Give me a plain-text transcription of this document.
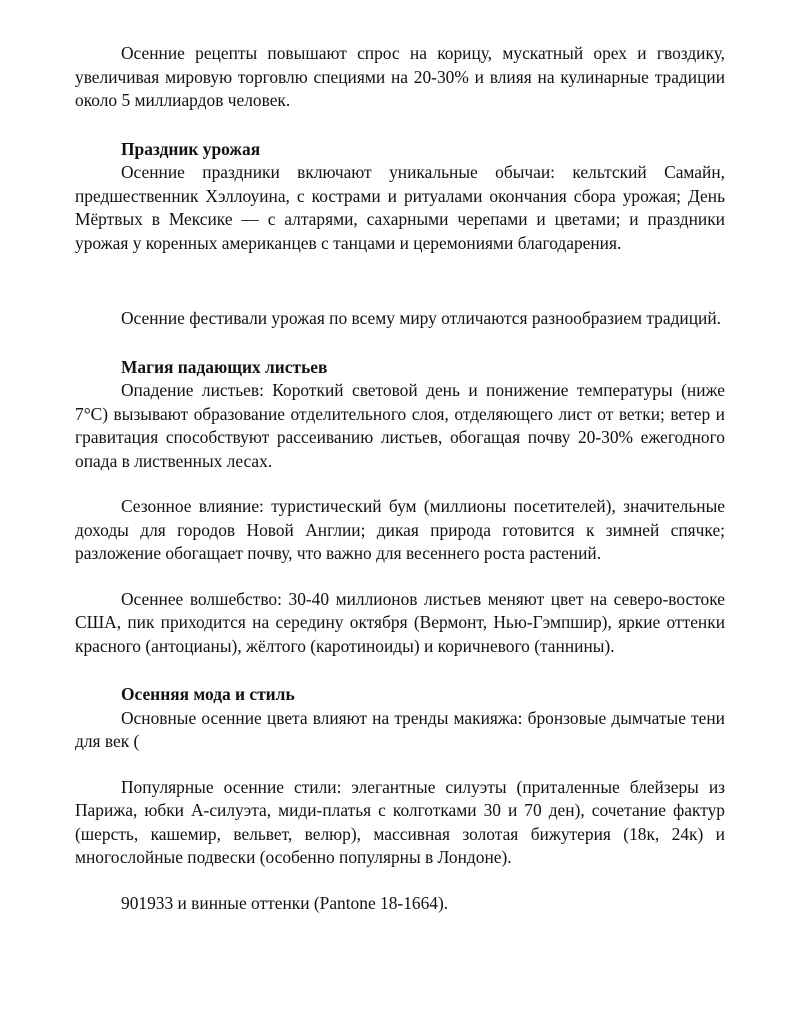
Осенние рецепты повышают спрос на корицу, мускатный орех и гвоздику, увеличивая мировую торговлю специями на 20-30% и влияя на кулинарные традиции около 5 миллиардов человек.

Праздник урожая

Осенние праздники включают уникальные обычаи: кельтский Самайн, предшественник Хэллоуина, с кострами и ритуалами окончания сбора урожая; День Мёртвых в Мексике — с алтарями, сахарными черепами и цветами; и праздники урожая у коренных американцев с танцами и церемониями благодарения.

Осенние фестивали урожая по всему миру отличаются разнообразием традиций.

Магия падающих листьев

Опадение листьев: Короткий световой день и понижение температуры (ниже 7°С) вызывают образование отделительного слоя, отделяющего лист от ветки; ветер и гравитация способствуют рассеиванию листьев, обогащая почву 20-30% ежегодного опада в лиственных лесах.

Сезонное влияние: туристический бум (миллионы посетителей), значительные доходы для городов Новой Англии; дикая природа готовится к зимней спячке; разложение обогащает почву, что важно для весеннего роста растений.

Осеннее волшебство: 30-40 миллионов листьев меняют цвет на северо-востоке США, пик приходится на середину октября (Вермонт, Нью-Гэмпшир), яркие оттенки красного (антоцианы), жёлтого (каротиноиды) и коричневого (таннины).

Осенняя мода и стиль

Основные осенние цвета влияют на тренды макияжа: бронзовые дымчатые тени для век (

Популярные осенние стили: элегантные силуэты (приталенные блейзеры из Парижа, юбки А-силуэта, миди-платья с колготками 30 и 70 ден), сочетание фактур (шерсть, кашемир, вельвет, велюр), массивная золотая бижутерия (18к, 24к) и многослойные подвески (особенно популярны в Лондоне).

901933 и винные оттенки (Pantone 18-1664).
